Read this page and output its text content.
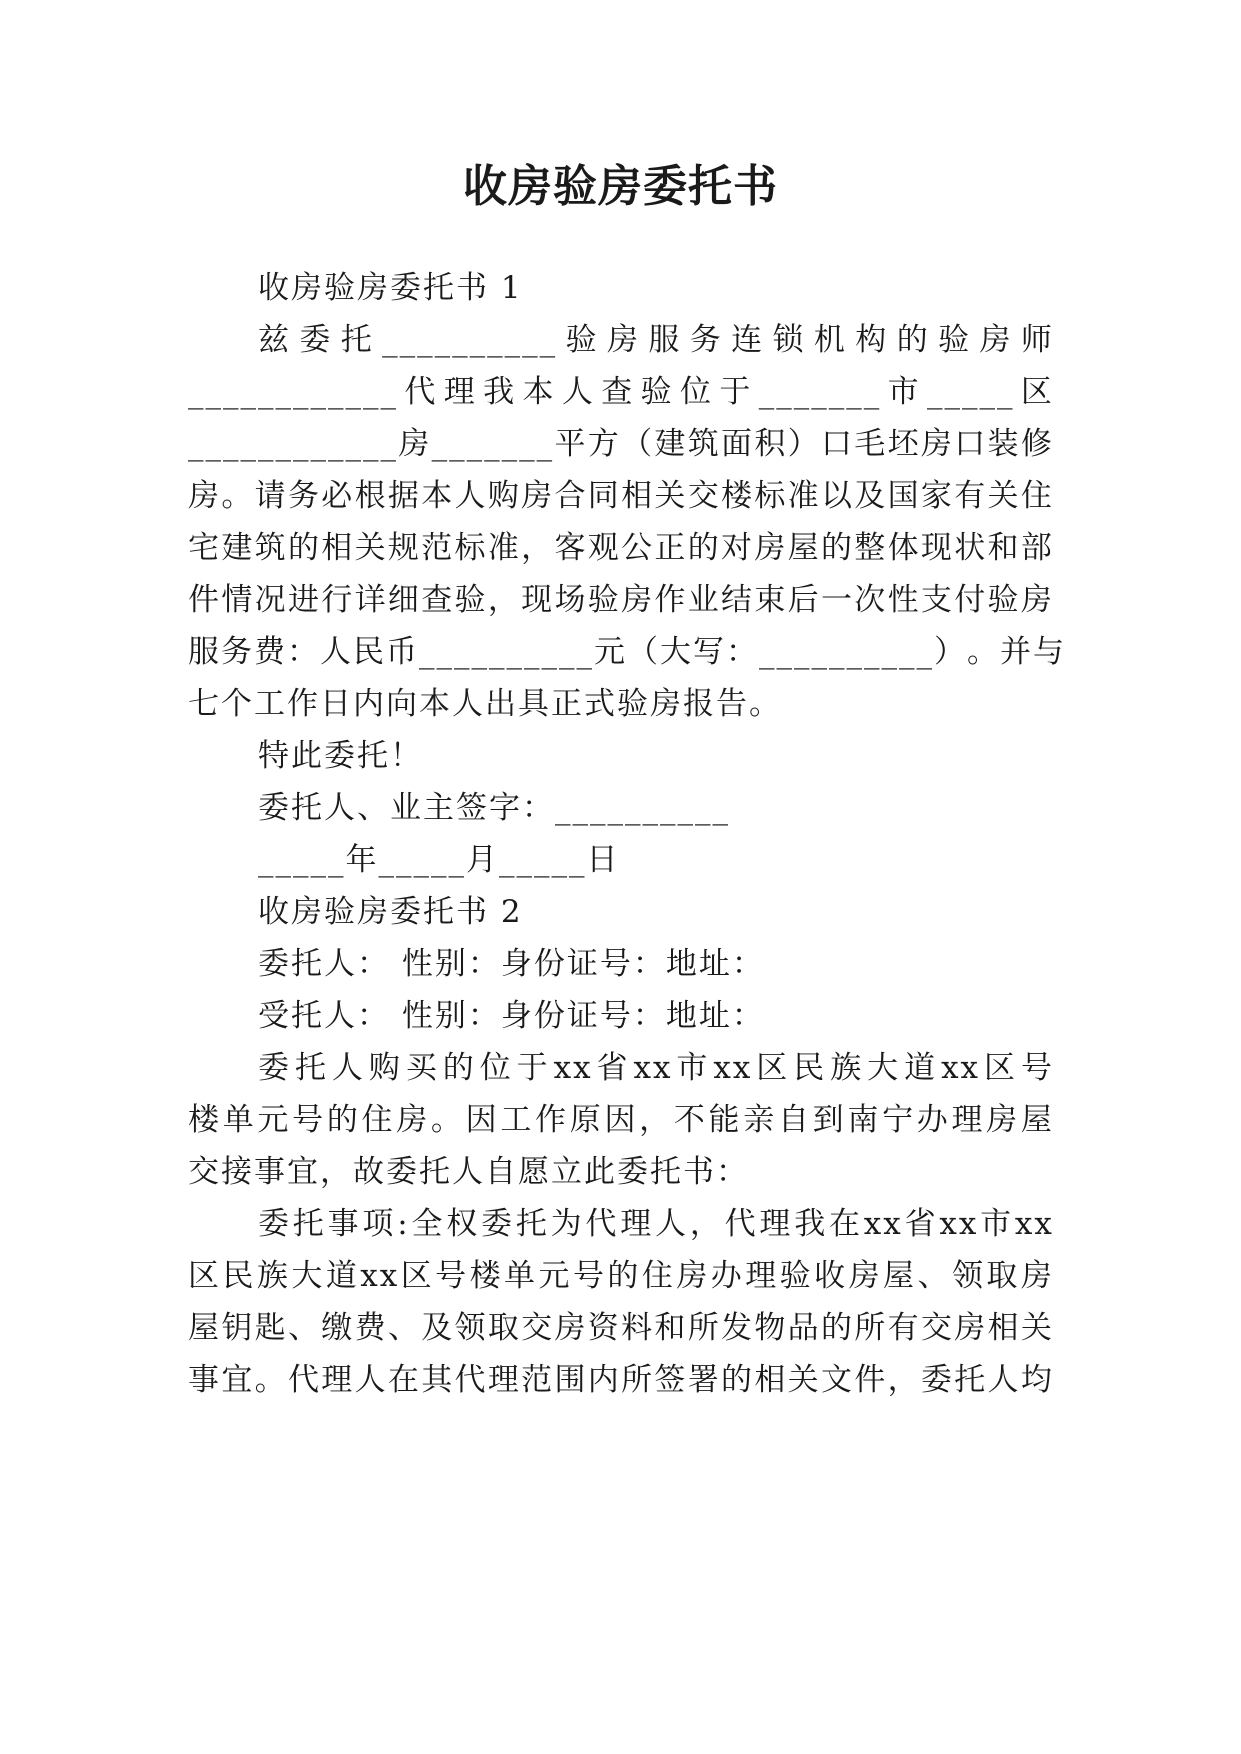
收房验房委托书
收房验房委托书 1
兹 委 托 __________ 验 房 服 务 连 锁 机 构 的 验 房 师
____________ 代 理 我 本 人 查 验 位 于 _______ 市 _____ 区
____________ 房 _______ 平 方 （ 建 筑 面 积 ） 口 毛 坯 房 口 装 修
房 。 请 务 必 根 据 本 人 购 房 合 同 相 关 交 楼 标 准 以 及 国 家 有 关 住
宅 建 筑 的 相 关 规 范 标 准 ， 客 观 公 正 的 对 房 屋 的 整 体 现 状 和 部
件 情 况 进 行 详 细 查 验 ， 现 场 验 房 作 业 结 束 后 一 次 性 支 付 验 房
服 务 费 ： 人 民 币 __________ 元 （ 大 写 ： __________ ） 。 并 与
七个工作日内向本人出具正式验房报告。
特此委托！
委托人、业主签字：__________
_____年_____月_____日
收房验房委托书 2
委托人： 性别：身份证号：地址：
受托人： 性别：身份证号：地址：
委 托 人 购 买 的 位 于 xx 省 xx 市 xx 区 民 族 大 道 xx 区 号
楼 单 元 号 的 住 房 。 因 工 作 原 因 ， 不 能 亲 自 到 南 宁 办 理 房 屋
交接事宜，故委托人自愿立此委托书：
委 托 事 项 : 全 权 委 托 为 代 理 人 ， 代 理 我 在 xx 省 xx 市 xx
区 民 族 大 道 xx 区 号 楼 单 元 号 的 住 房 办 理 验 收 房 屋 、 领 取 房
屋 钥 匙 、 缴 费 、 及 领 取 交 房 资 料 和 所 发 物 品 的 所 有 交 房 相 关
事 宜 。 代 理 人 在 其 代 理 范 围 内 所 签 署 的 相 关 文 件 ， 委 托 人 均
